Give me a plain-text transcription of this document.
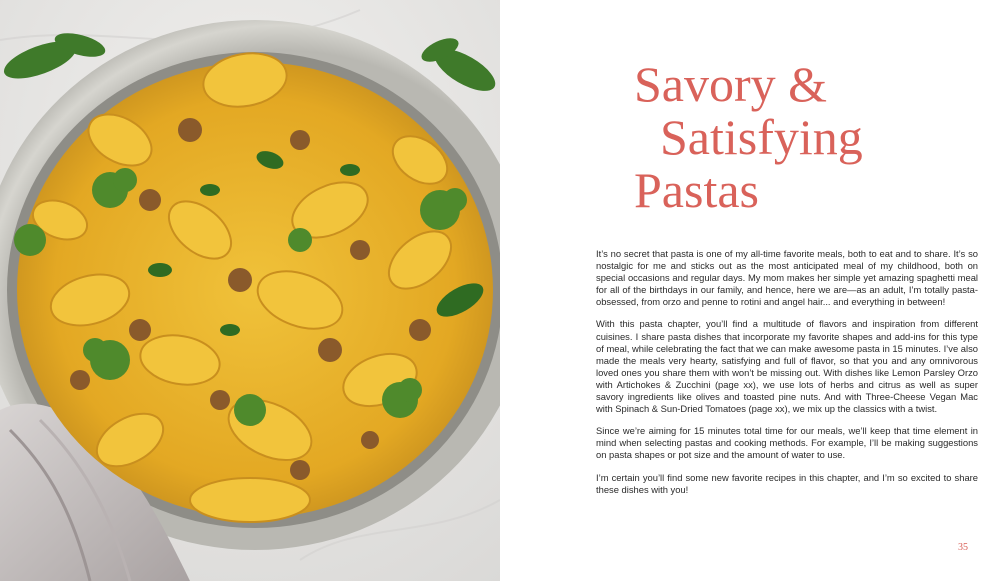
Savory &
Satisfying
Pastas

It’s no secret that pasta is one of my all-time favorite meals, both to eat and to share. It’s so nostalgic for me and sticks out as the most anticipated meal of my childhood, both on special occasions and regular days. My mom makes her simple yet amazing spaghetti meal for all of the birthdays in our family, and hence, here we are—as an adult, I’m totally pasta-obsessed, from orzo and penne to rotini and angel hair... and everything in between!

With this pasta chapter, you’ll find a multitude of flavors and inspiration from different cuisines. I share pasta dishes that incorporate my favorite shapes and add-ins for this type of meal, while celebrating the fact that we can make awesome pasta in 15 minutes. I’ve also made the meals very hearty, satisfying and full of flavor, so that you and any omnivorous loved ones you share them with won’t be missing out. With dishes like Lemon Parsley Orzo with Artichokes & Zucchini (page xx), we use lots of herbs and citrus as well as super savory ingredients like olives and toasted pine nuts. And with Three-Cheese Vegan Mac with Spinach & Sun-Dried Tomatoes (page xx), we mix up the classics with a twist.

Since we’re aiming for 15 minutes total time for our meals, we’ll keep that time element in mind when selecting pastas and cooking methods. For example, I’ll be making suggestions on pasta shapes or pot size and the amount of water to use.

I’m certain you’ll find some new favorite recipes in this chapter, and I’m so excited to share these dishes with you!

35
